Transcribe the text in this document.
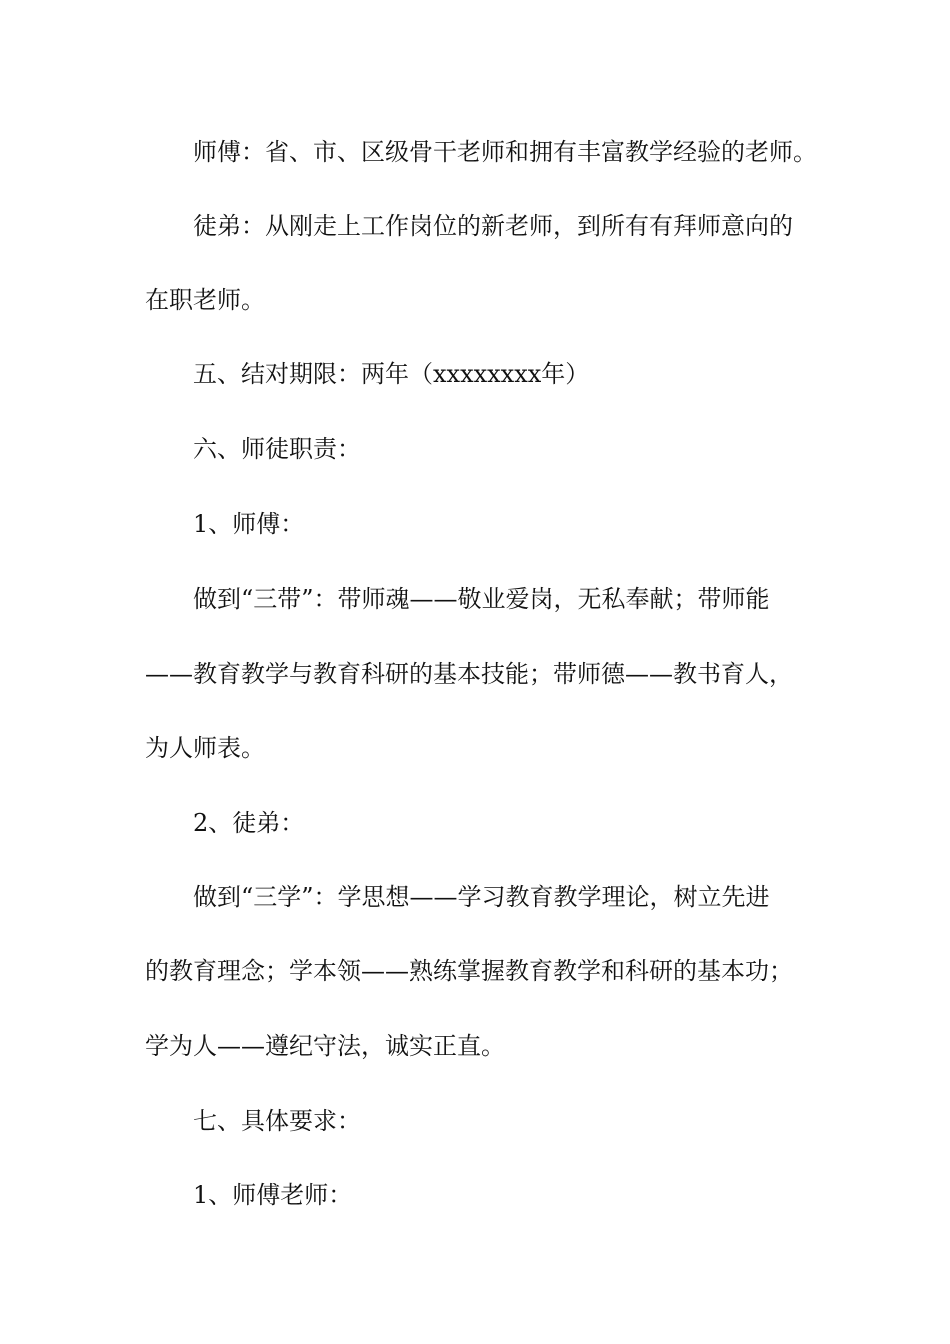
师傅：省、市、区级骨干老师和拥有丰富教学经验的老师。
徒弟：从刚走上工作岗位的新老师，到所有有拜师意向的
在职老师。
五、结对期限：两年（xxxxxxxx年）
六、师徒职责：
1、师傅：
做到“三带”：带师魂——敬业爱岗，无私奉献；带师能
——教育教学与教育科研的基本技能；带师德——教书育人，
为人师表。
2、徒弟：
做到“三学”：学思想——学习教育教学理论，树立先进
的教育理念；学本领——熟练掌握教育教学和科研的基本功；
学为人——遵纪守法，诚实正直。
七、具体要求：
1、师傅老师：
